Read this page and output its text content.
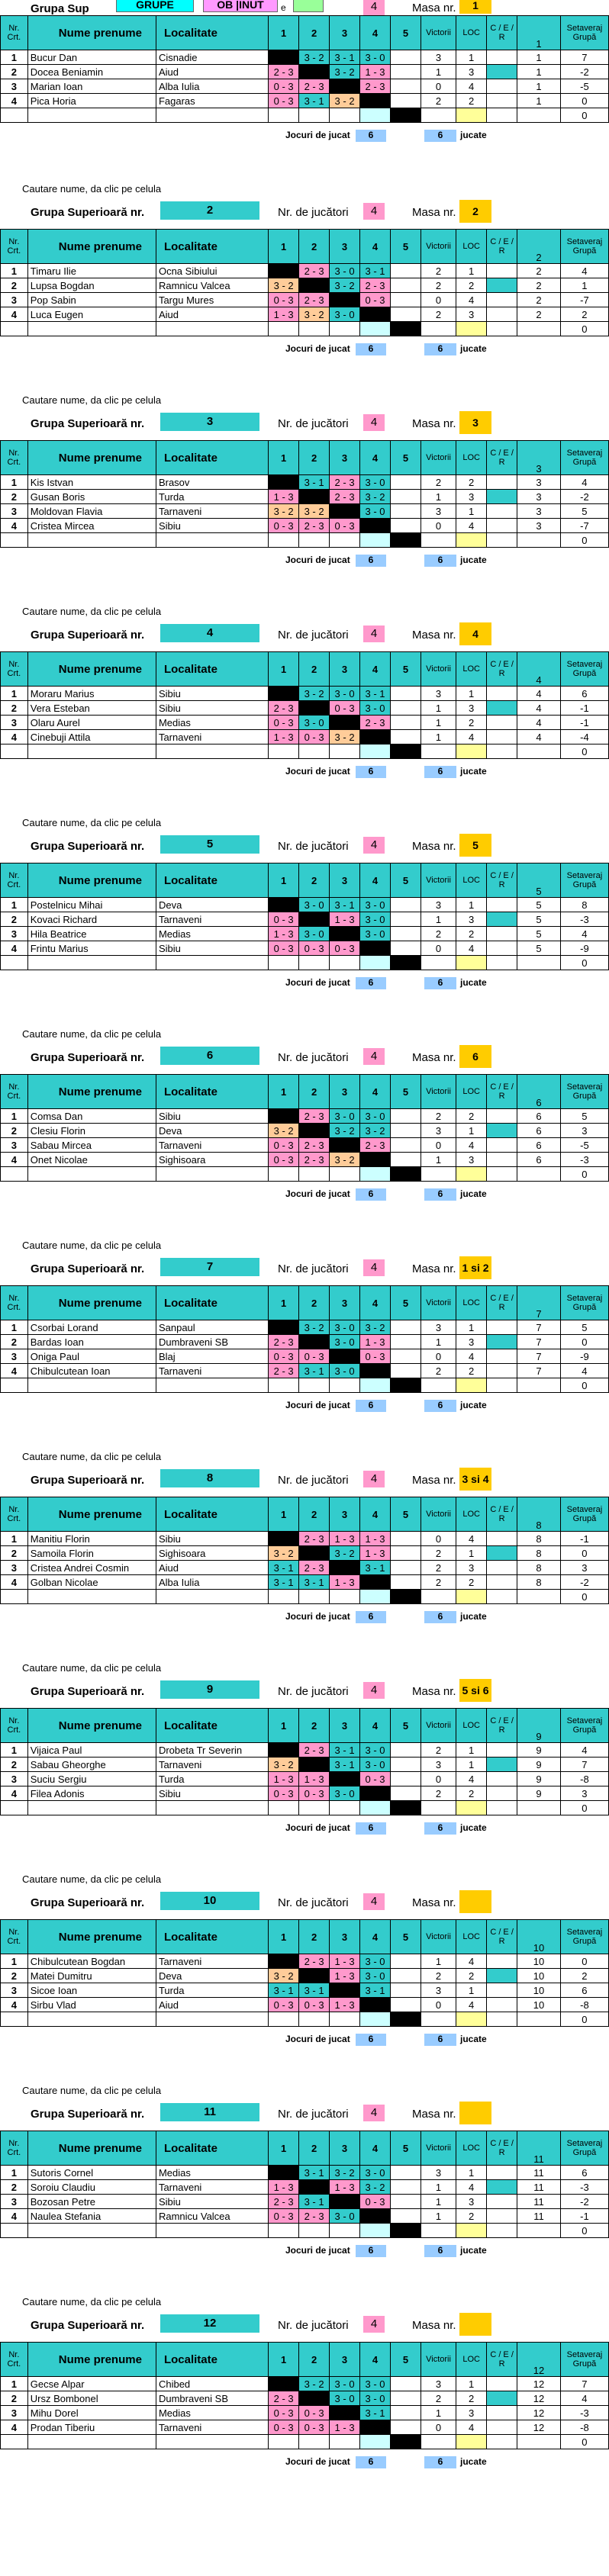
Grupa Sup	GRUPE	OB |INUT	e	4	Masa nr.	1
Nr. Crt.	Nume prenume	Localitate	1	2	3	4	5	Victorii	LOC	C / E / R	1	Setaveraj Grupă
1	Bucur Dan	Cisnadie		3 - 2	3 - 1	3 - 0		3	1		1	7
2	Docea Beniamin	Aiud	2 - 3		3 - 2	1 - 3		1	3		1	-2
3	Marian Ioan	Alba Iulia	0 - 3	2 - 3		2 - 3		0	4		1	-5
4	Pica Horia	Fagaras	0 - 3	3 - 1	3 - 2			2	2		1	0
												0
Jocuri de jucat	6	6	jucate
Cautare nume, da clic pe celula
Grupa Superioară nr.	2	Nr. de jucători	4	Masa nr.	2
Nr. Crt.	Nume prenume	Localitate	1	2	3	4	5	Victorii	LOC	C / E / R	2	Setaveraj Grupă
1	Timaru Ilie	Ocna Sibiului		2 - 3	3 - 0	3 - 1		2	1		2	4
2	Lupsa Bogdan	Ramnicu Valcea	3 - 2		3 - 2	2 - 3		2	2		2	1
3	Pop Sabin	Targu Mures	0 - 3	2 - 3		0 - 3		0	4		2	-7
4	Luca Eugen	Aiud	1 - 3	3 - 2	3 - 0			2	3		2	2
												0
Jocuri de jucat	6	6	jucate
Cautare nume, da clic pe celula
Grupa Superioară nr.	3	Nr. de jucători	4	Masa nr.	3
Nr. Crt.	Nume prenume	Localitate	1	2	3	4	5	Victorii	LOC	C / E / R	3	Setaveraj Grupă
1	Kis Istvan	Brasov		3 - 1	2 - 3	3 - 0		2	2		3	4
2	Gusan Boris	Turda	1 - 3		2 - 3	3 - 2		1	3		3	-2
3	Moldovan Flavia	Tarnaveni	3 - 2	3 - 2		3 - 0		3	1		3	5
4	Cristea Mircea	Sibiu	0 - 3	2 - 3	0 - 3			0	4		3	-7
												0
Jocuri de jucat	6	6	jucate
Cautare nume, da clic pe celula
Grupa Superioară nr.	4	Nr. de jucători	4	Masa nr.	4
Nr. Crt.	Nume prenume	Localitate	1	2	3	4	5	Victorii	LOC	C / E / R	4	Setaveraj Grupă
1	Moraru Marius	Sibiu		3 - 2	3 - 0	3 - 1		3	1		4	6
2	Vera Esteban	Sibiu	2 - 3		0 - 3	3 - 0		1	3		4	-1
3	Olaru Aurel	Medias	0 - 3	3 - 0		2 - 3		1	2		4	-1
4	Cinebuji Attila	Tarnaveni	1 - 3	0 - 3	3 - 2			1	4		4	-4
												0
Jocuri de jucat	6	6	jucate
Cautare nume, da clic pe celula
Grupa Superioară nr.	5	Nr. de jucători	4	Masa nr.	5
Nr. Crt.	Nume prenume	Localitate	1	2	3	4	5	Victorii	LOC	C / E / R	5	Setaveraj Grupă
1	Postelnicu Mihai	Deva		3 - 0	3 - 1	3 - 0		3	1		5	8
2	Kovaci Richard	Tarnaveni	0 - 3		1 - 3	3 - 0		1	3		5	-3
3	Hila Beatrice	Medias	1 - 3	3 - 0		3 - 0		2	2		5	4
4	Frintu Marius	Sibiu	0 - 3	0 - 3	0 - 3			0	4		5	-9
												0
Jocuri de jucat	6	6	jucate
Cautare nume, da clic pe celula
Grupa Superioară nr.	6	Nr. de jucători	4	Masa nr.	6
Nr. Crt.	Nume prenume	Localitate	1	2	3	4	5	Victorii	LOC	C / E / R	6	Setaveraj Grupă
1	Comsa Dan	Sibiu		2 - 3	3 - 0	3 - 0		2	2		6	5
2	Clesiu Florin	Deva	3 - 2		3 - 2	3 - 2		3	1		6	3
3	Sabau Mircea	Tarnaveni	0 - 3	2 - 3		2 - 3		0	4		6	-5
4	Onet Nicolae	Sighisoara	0 - 3	2 - 3	3 - 2			1	3		6	-3
												0
Jocuri de jucat	6	6	jucate
Cautare nume, da clic pe celula
Grupa Superioară nr.	7	Nr. de jucători	4	Masa nr. 1 si 2
Nr. Crt.	Nume prenume	Localitate	1	2	3	4	5	Victorii	LOC	C / E / R	7	Setaveraj Grupă
1	Csorbai Lorand	Sanpaul		3 - 2	3 - 0	3 - 2		3	1		7	5
2	Bardas Ioan	Dumbraveni SB	2 - 3		3 - 0	1 - 3		1	3		7	0
3	Oniga Paul	Blaj	0 - 3	0 - 3		0 - 3		0	4		7	-9
4	Chibulcutean Ioan	Tarnaveni	2 - 3	3 - 1	3 - 0			2	2		7	4
												0
Jocuri de jucat	6	6	jucate
Cautare nume, da clic pe celula
Grupa Superioară nr.	8	Nr. de jucători	4	Masa nr. 3 si 4
Nr. Crt.	Nume prenume	Localitate	1	2	3	4	5	Victorii	LOC	C / E / R	8	Setaveraj Grupă
1	Manitiu Florin	Sibiu		2 - 3	1 - 3	1 - 3		0	4		8	-1
2	Samoila Florin	Sighisoara	3 - 2		3 - 2	1 - 3		2	1		8	0
3	Cristea Andrei Cosmin	Aiud	3 - 1	2 - 3		3 - 1		2	3		8	3
4	Golban Nicolae	Alba Iulia	3 - 1	3 - 1	1 - 3			2	2		8	-2
												0
Jocuri de jucat	6	6	jucate
Cautare nume, da clic pe celula
Grupa Superioară nr.	9	Nr. de jucători	4	Masa nr. 5 si 6
Nr. Crt.	Nume prenume	Localitate	1	2	3	4	5	Victorii	LOC	C / E / R	9	Setaveraj Grupă
1	Vijaica Paul	Drobeta Tr Severin		2 - 3	3 - 1	3 - 0		2	1		9	4
2	Sabau Gheorghe	Tarnaveni	3 - 2		3 - 1	3 - 0		3	1		9	7
3	Suciu Sergiu	Turda	1 - 3	1 - 3		0 - 3		0	4		9	-8
4	Filea Adonis	Sibiu	0 - 3	0 - 3	3 - 0			2	2		9	3
												0
Jocuri de jucat	6	6	jucate
Cautare nume, da clic pe celula
Grupa Superioară nr.	10	Nr. de jucători	4	Masa nr.
Nr. Crt.	Nume prenume	Localitate	1	2	3	4	5	Victorii	LOC	C / E / R	10	Setaveraj Grupă
1	Chibulcutean Bogdan	Tarnaveni		2 - 3	1 - 3	3 - 0		1	4		10	0
2	Matei Dumitru	Deva	3 - 2		1 - 3	3 - 0		2	2		10	2
3	Sicoe Ioan	Turda	3 - 1	3 - 1		3 - 1		3	1		10	6
4	Sirbu Vlad	Aiud	0 - 3	0 - 3	1 - 3			0	4		10	-8
												0
Jocuri de jucat	6	6	jucate
Cautare nume, da clic pe celula
Grupa Superioară nr.	11	Nr. de jucători	4	Masa nr.
Nr. Crt.	Nume prenume	Localitate	1	2	3	4	5	Victorii	LOC	C / E / R	11	Setaveraj Grupă
1	Sutoris Cornel	Medias		3 - 1	3 - 2	3 - 0		3	1		11	6
2	Soroiu Claudiu	Tarnaveni	1 - 3		1 - 3	3 - 2		1	4		11	-3
3	Bozosan Petre	Sibiu	2 - 3	3 - 1		0 - 3		1	3		11	-2
4	Naulea Stefania	Ramnicu Valcea	0 - 3	2 - 3	3 - 0			1	2		11	-1
												0
Jocuri de jucat	6	6	jucate
Cautare nume, da clic pe celula
Grupa Superioară nr.	12	Nr. de jucători	4	Masa nr.
Nr. Crt.	Nume prenume	Localitate	1	2	3	4	5	Victorii	LOC	C / E / R	12	Setaveraj Grupă
1	Gecse Alpar	Chibed		3 - 2	3 - 0	3 - 0		3	1		12	7
2	Ursz Bombonel	Dumbraveni SB	2 - 3		3 - 0	3 - 0		2	2		12	4
3	Mihu Dorel	Medias	0 - 3	0 - 3		3 - 1		1	3		12	-3
4	Prodan Tiberiu	Tarnaveni	0 - 3	0 - 3	1 - 3			0	4		12	-8
												0
Jocuri de jucat	6	6	jucate
